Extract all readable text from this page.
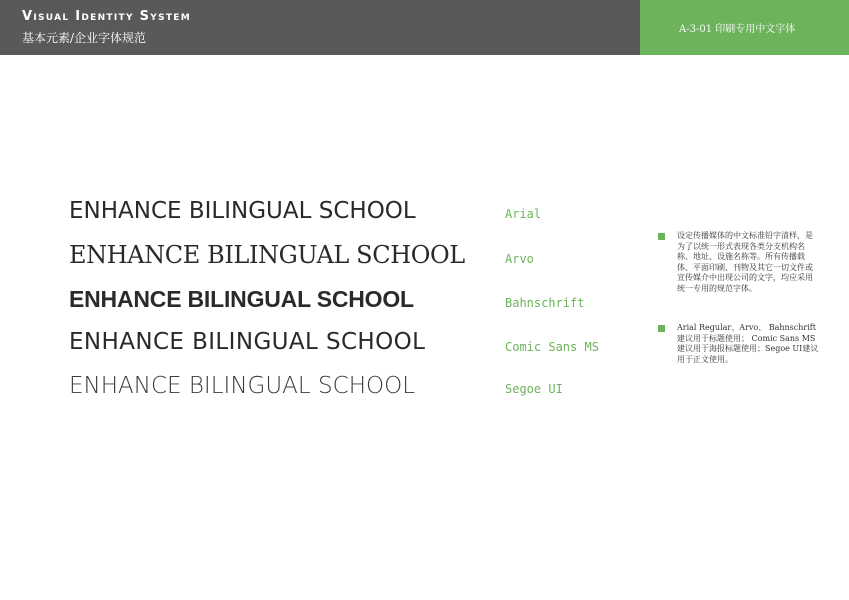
Visual Identity System
基本元素/企业字体规范
A-3-01 印刷专用中文字体
ENHANCE BILINGUAL SCHOOL
ENHANCE BILINGUAL SCHOOL
ENHANCE BILINGUAL SCHOOL
ENHANCE BILINGUAL SCHOOL
ENHANCE BILINGUAL SCHOOL
Arial
Arvo
Bahnschrift
Comic Sans MS
Segoe UI
设定传播媒体的中文标准铅字清样，是为了以统一形式表现各类分支机构名称、地址、设施名称等。所有传播载体、平面印刷、刊物及其它一切文件或宣传媒介中出现公司的文字，均应采用统一专用的规范字体。
Arial Regular、Arvo、 Bahnschrift建议用于标题使用； Comic Sans MS建议用于海报标题使用；Segoe UI建议用于正文使用。
